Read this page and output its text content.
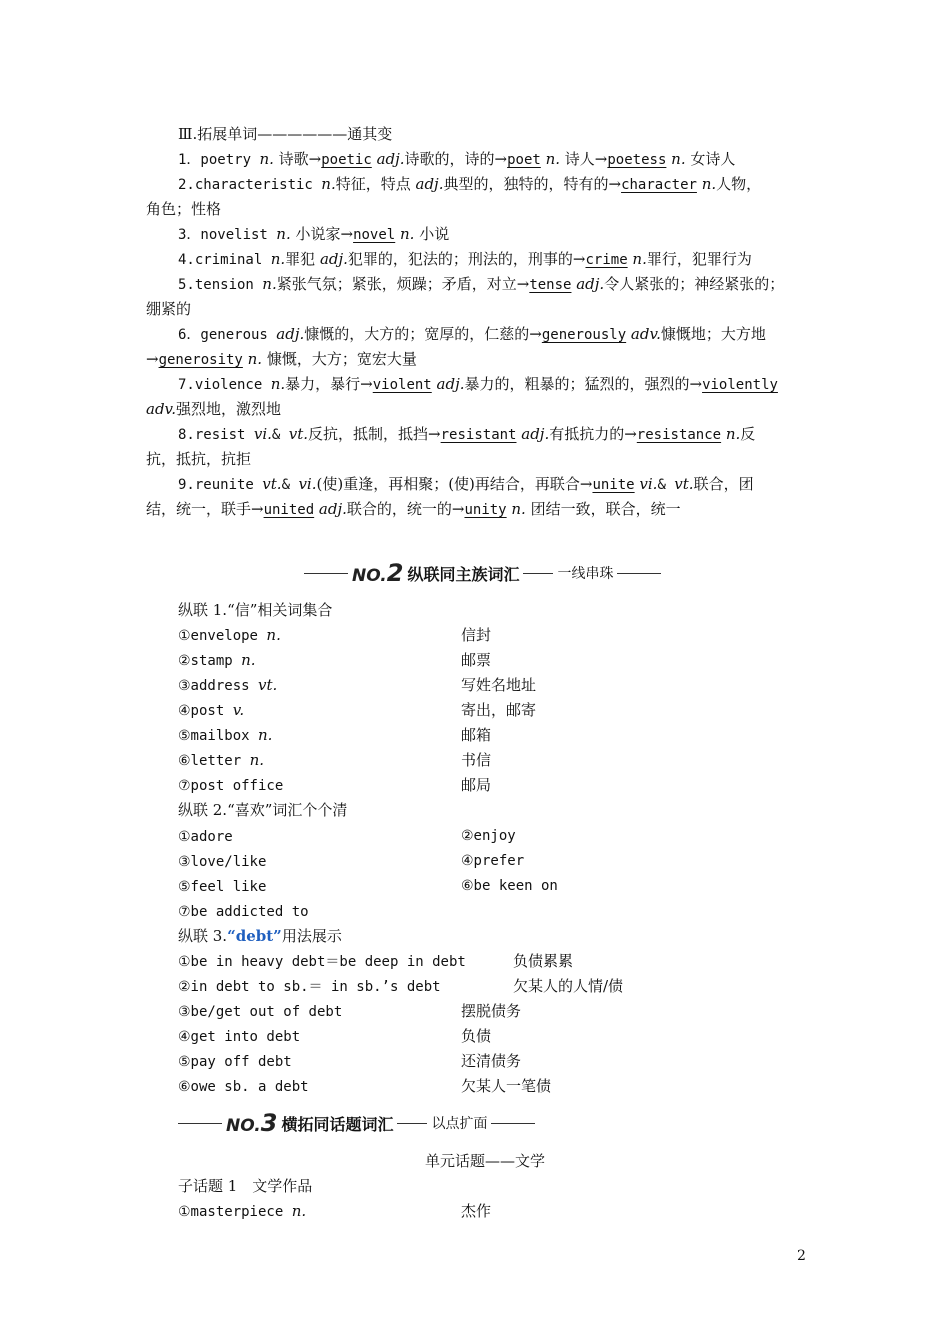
Ⅲ.拓展单词——————通其变
1．poetry n. 诗歌→poetic adj.诗歌的，诗的→poet n. 诗人→poetess n. 女诗人
2.characteristic n.特征，特点 adj.典型的，独特的，特有的→character n.人物，
角色；性格
3．novelist n. 小说家→novel n. 小说
4.criminal n.罪犯 adj.犯罪的，犯法的；刑法的，刑事的→crime n.罪行，犯罪行为
5.tension n.紧张气氛；紧张，烦躁；矛盾，对立→tense adj.令人紧张的；神经紧张的；
绷紧的
6．generous adj.慷慨的，大方的；宽厚的，仁慈的→generously adv.慷慨地；大方地
→generosity n. 慷慨，大方；宽宏大量
7.violence n.暴力，暴行→violent adj.暴力的，粗暴的；猛烈的，强烈的→violently
adv.强烈地，激烈地
8.resist vi.& vt.反抗，抵制，抵挡→resistant adj.有抵抗力的→resistance n.反
抗，抵抗，抗拒
9.reunite vt.& vi.(使)重逢，再相聚；(使)再结合，再联合→unite vi.& vt.联合，团
结，统一，联手→united adj.联合的，统一的→unity n. 团结一致，联合，统一
NO.2 纵联同主族词汇	一线串珠
纵联 1.“信”相关词集合
①envelope n.	信封
②stamp n.	邮票
③address vt.	写姓名地址
④post v.	寄出，邮寄
⑤mailbox n.	邮箱
⑥letter n.	书信
⑦post office	邮局
纵联 2.“喜欢”词汇个个清
①adore	②enjoy
③love/like	④prefer
⑤feel like	⑥be keen on
⑦be addicted to
纵联 3.“debt”用法展示
①be in heavy debt＝be deep in debt	负债累累
②in debt to sb.＝ in sb.’s debt	欠某人的人情/债
③be/get out of debt	摆脱债务
④get into debt	负债
⑤pay off debt	还清债务
⑥owe sb. a debt	欠某人一笔债
NO.3 横拓同话题词汇	以点扩面
单元话题——文学
子话题 1　文学作品
①masterpiece n.	杰作
2
